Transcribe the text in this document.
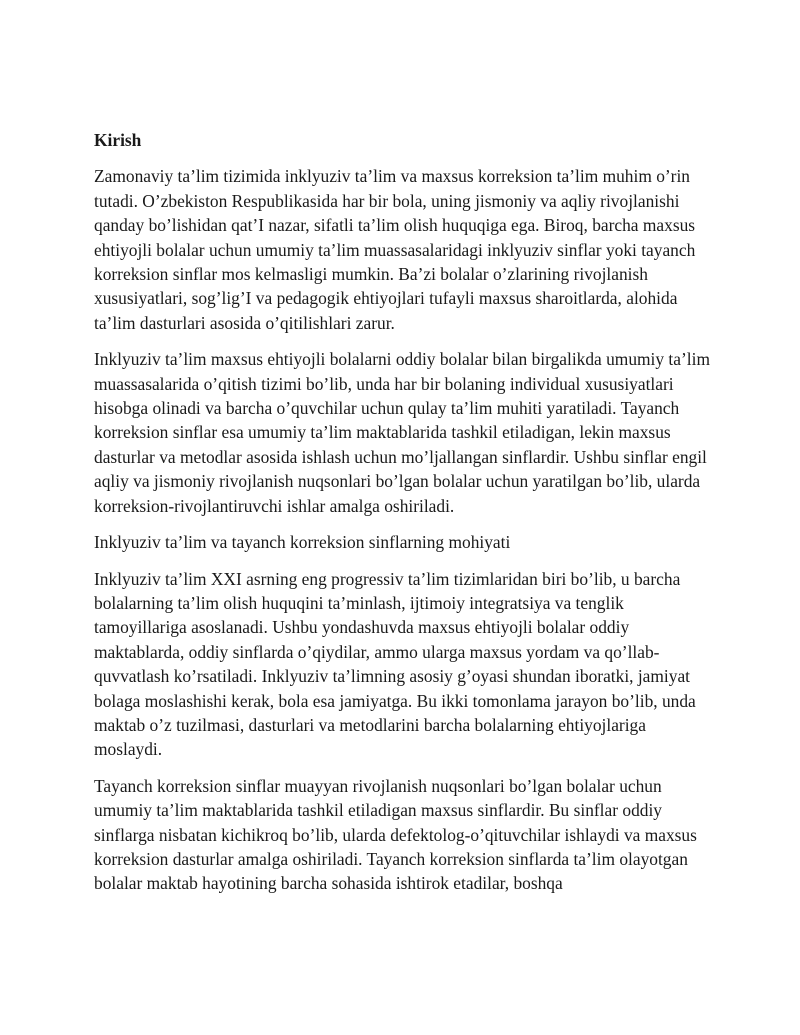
Kirish

Zamonaviy ta’lim tizimida inklyuziv ta’lim va maxsus korreksion ta’lim muhim o’rin tutadi. O’zbekiston Respublikasida har bir bola, uning jismoniy va aqliy rivojlanishi qanday bo’lishidan qat’I nazar, sifatli ta’lim olish huquqiga ega. Biroq, barcha maxsus ehtiyojli bolalar uchun umumiy ta’lim muassasalaridagi inklyuziv sinflar yoki tayanch korreksion sinflar mos kelmasligi mumkin. Ba’zi bolalar o’zlarining rivojlanish xususiyatlari, sog’lig’I va pedagogik ehtiyojlari tufayli maxsus sharoitlarda, alohida ta’lim dasturlari asosida o’qitilishlari zarur.

Inklyuziv ta’lim maxsus ehtiyojli bolalarni oddiy bolalar bilan birgalikda umumiy ta’lim muassasalarida o’qitish tizimi bo’lib, unda har bir bolaning individual xususiyatlari hisobga olinadi va barcha o’quvchilar uchun qulay ta’lim muhiti yaratiladi. Tayanch korreksion sinflar esa umumiy ta’lim maktablarida tashkil etiladigan, lekin maxsus dasturlar va metodlar asosida ishlash uchun mo’ljallangan sinflardir. Ushbu sinflar engil aqliy va jismoniy rivojlanish nuqsonlari bo’lgan bolalar uchun yaratilgan bo’lib, ularda korreksion-rivojlantiruvchi ishlar amalga oshiriladi.

Inklyuziv ta’lim va tayanch korreksion sinflarning mohiyati

Inklyuziv ta’lim XXI asrning eng progressiv ta’lim tizimlaridan biri bo’lib, u barcha bolalarning ta’lim olish huquqini ta’minlash, ijtimoiy integratsiya va tenglik tamoyillariga asoslanadi. Ushbu yondashuvda maxsus ehtiyojli bolalar oddiy maktablarda, oddiy sinflarda o’qiydilar, ammo ularga maxsus yordam va qo’llab-quvvatlash ko’rsatiladi. Inklyuziv ta’limning asosiy g’oyasi shundan iboratki, jamiyat bolaga moslashishi kerak, bola esa jamiyatga. Bu ikki tomonlama jarayon bo’lib, unda maktab o’z tuzilmasi, dasturlari va metodlarini barcha bolalarning ehtiyojlariga moslaydi.

Tayanch korreksion sinflar muayyan rivojlanish nuqsonlari bo’lgan bolalar uchun umumiy ta’lim maktablarida tashkil etiladigan maxsus sinflardir. Bu sinflar oddiy sinflarga nisbatan kichikroq bo’lib, ularda defektolog-o’qituvchilar ishlaydi va maxsus korreksion dasturlar amalga oshiriladi. Tayanch korreksion sinflarda ta’lim olayotgan bolalar maktab hayotining barcha sohasida ishtirok etadilar, boshqa
